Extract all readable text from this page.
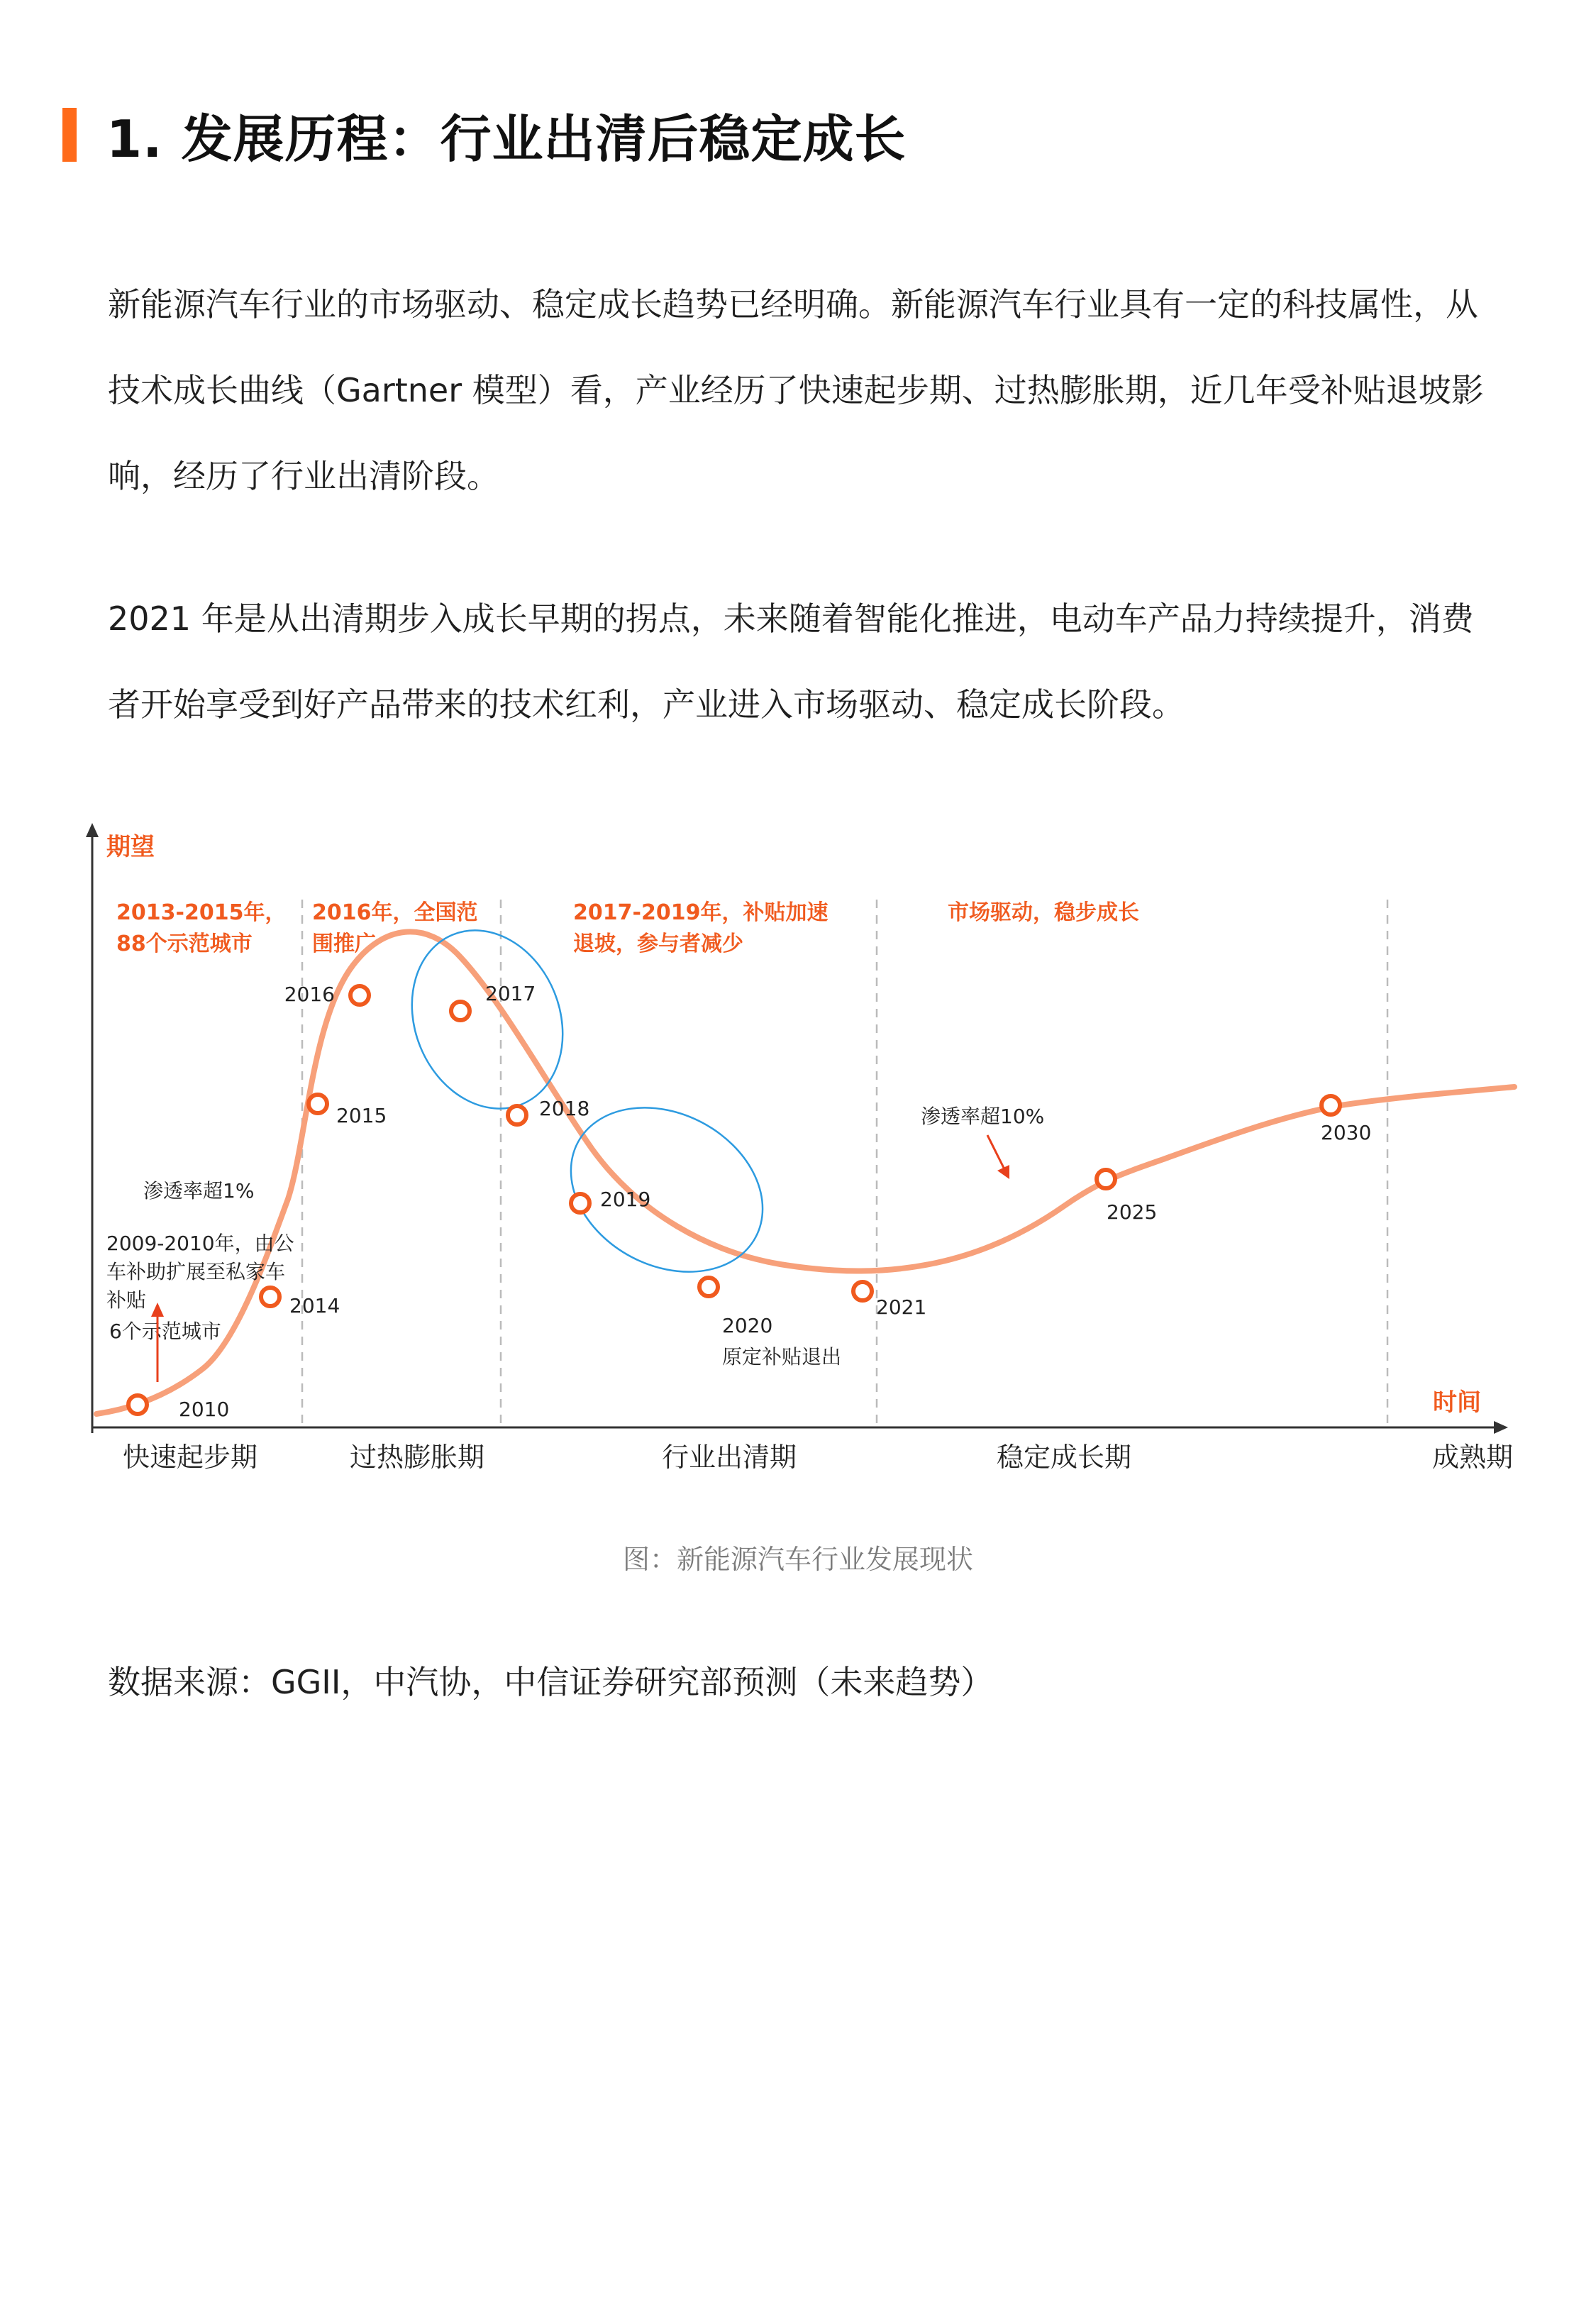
1. 发展历程：行业出清后稳定成长

新能源汽车行业的市场驱动、稳定成长趋势已经明确。新能源汽车行业具有一定的科技属性，从技术成长曲线（Gartner 模型）看，产业经历了快速起步期、过热膨胀期，近几年受补贴退坡影响，经历了行业出清阶段。

2021 年是从出清期步入成长早期的拐点，未来随着智能化推进，电动车产品力持续提升，消费者开始享受到好产品带来的技术红利，产业进入市场驱动、稳定成长阶段。

期望
时间
2013-2015年，
88个示范城市
2016年，全国范
围推广
2017-2019年，补贴加速
退坡，参与者减少
市场驱动，稳步成长
2010
2014
2015
2016	2017
2018
2019
2020
2021
2025
2030
渗透率超1%
2009-2010年，由公
车补助扩展至私家车
补贴
6个示范城市
渗透率超10%
原定补贴退出
快速起步期	过热膨胀期	行业出清期	稳定成长期	成熟期
图：新能源汽车行业发展现状
数据来源：GGII，中汽协，中信证券研究部预测（未来趋势）
